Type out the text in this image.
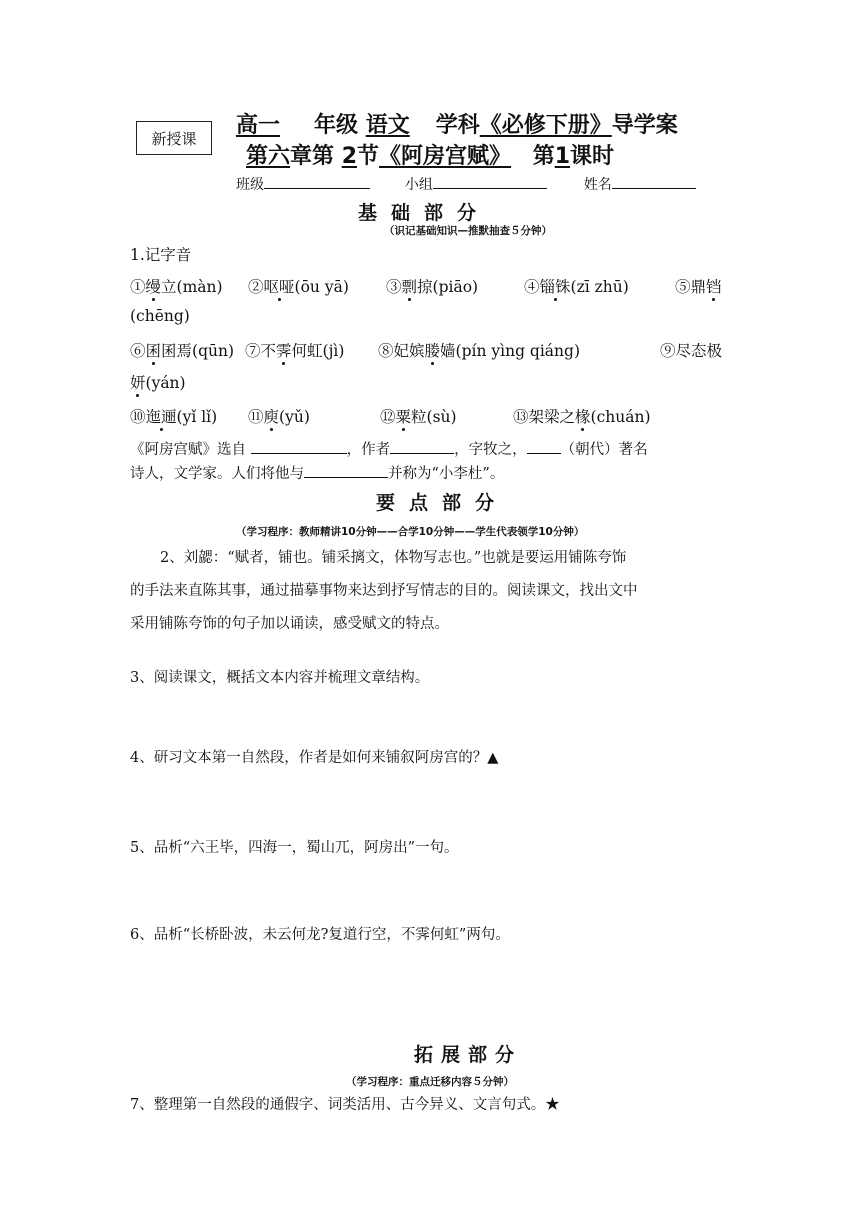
新授课
高一 年级 语文 学科《必修下册》导学案
第六章第 2节《阿房宫赋》 第1课时
班级	小组	姓名
基础部分
（识记基础知识—推默抽查５分钟）
1.记字音
①缦立(màn) ②呕哑(ōu yā) ③剽掠(piāo)	④锱铢(zī zhū)	⑤鼎铛
(chēng)
⑥囷囷焉(qūn) ⑦不霁何虹(jì) ⑧妃嫔媵嫱(pín yìng qiáng)	⑨尽态极
妍(yán)
⑩迤逦(yǐ lǐ) ⑪庾(yǔ)	⑫粟粒(sù)	⑬架梁之椽(chuán)
《阿房宫赋》选自	，作者	，字牧之， （朝代）著名
诗人，文学家。人们将他与	并称为“小李杜”。
要点部分
（学习程序：教师精讲10分钟——合学10分钟——学生代表领学10分钟）
2、刘勰：“赋者，铺也。铺采摛文，体物写志也。”也就是要运用铺陈夸饰
的手法来直陈其事，通过描摹事物来达到抒写情志的目的。阅读课文，找出文中
采用铺陈夸饰的句子加以诵读，感受赋文的特点。
3、阅读课文，概括文本内容并梳理文章结构。
4、研习文本第一自然段，作者是如何来铺叙阿房宫的？▲
5、品析“六王毕，四海一，蜀山兀，阿房出”一句。
6、品析“长桥卧波，未云何龙?复道行空，不霁何虹”两句。
拓展部分
（学习程序：重点迁移内容５分钟）
7、整理第一自然段的通假字、词类活用、古今异义、文言句式。★
